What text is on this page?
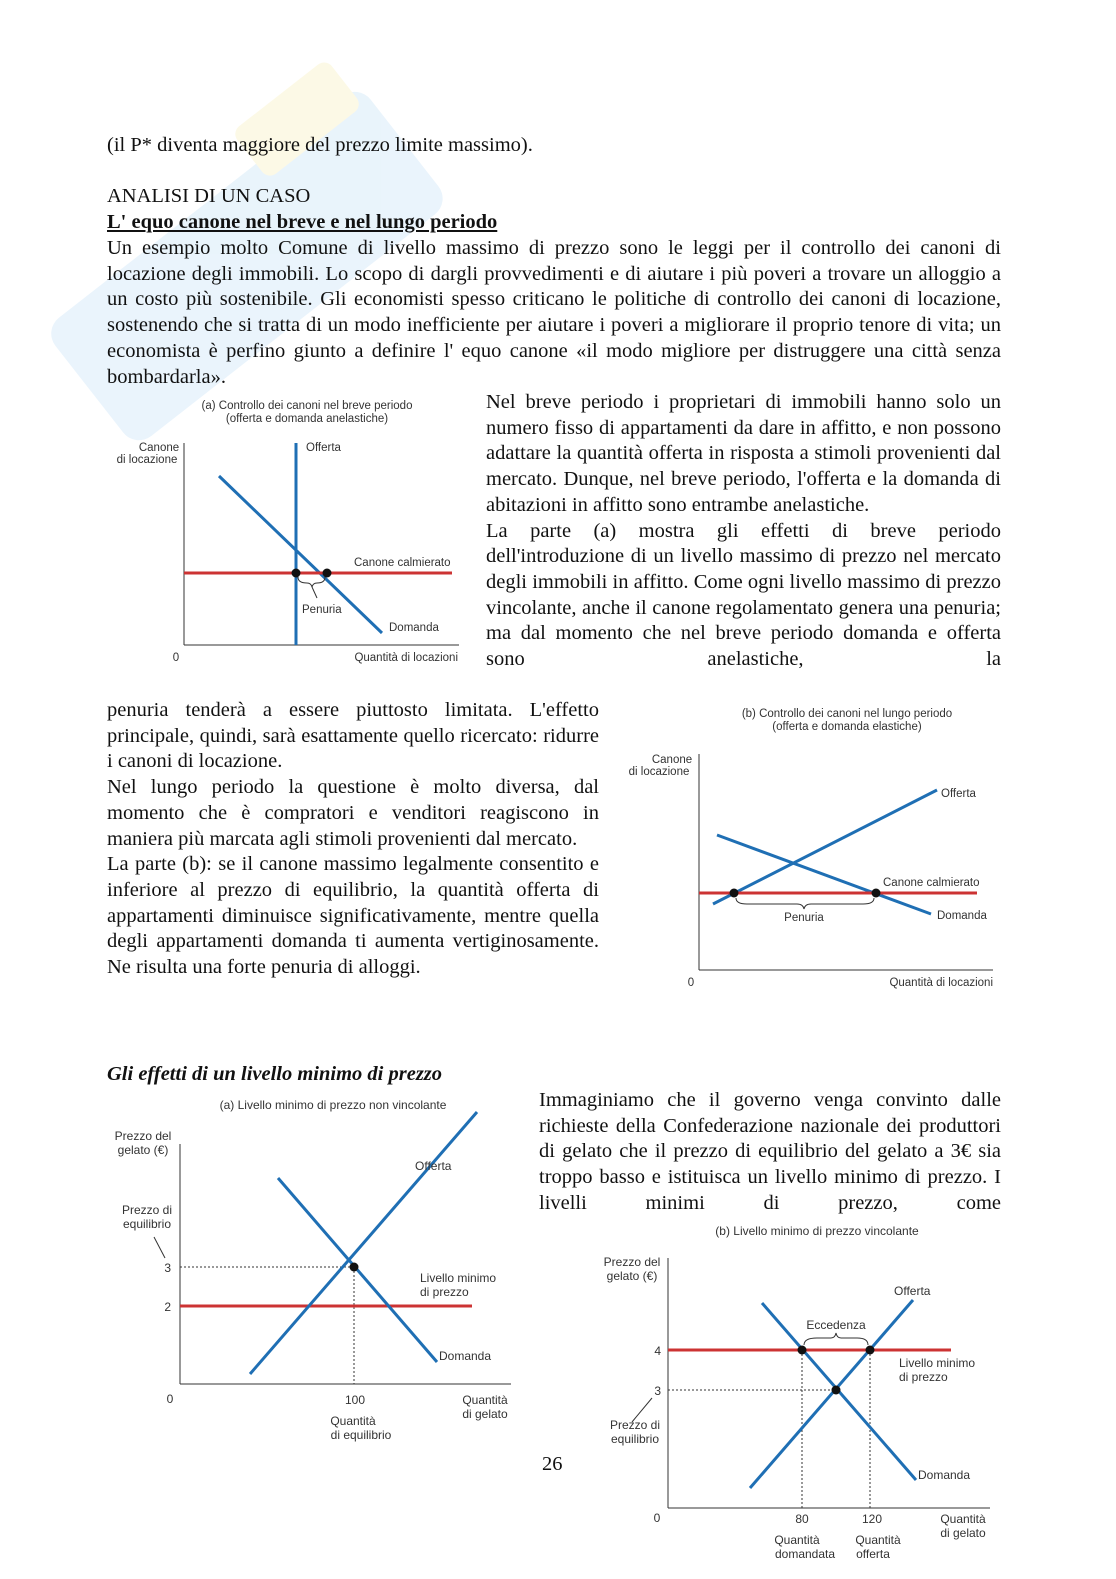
(il P* diventa maggiore del prezzo limite massimo).
ANALISI DI UN CASO
L' equo canone nel breve e nel lungo periodo

Un esempio molto Comune di livello massimo di prezzo sono le leggi per il controllo dei canoni di locazione degli immobili. Lo scopo di dargli provvedimenti e di aiutare i più poveri a trovare un alloggio a un costo più sostenibile. Gli economisti spesso criticano le politiche di controllo dei canoni di locazione, sostenendo che si tratta di un modo inefficiente per aiutare i poveri a migliorare il proprio tenore di vita; un economista è perfino giunto a definire l' equo canone «il modo migliore per distruggere una città senza bombardarla».

(a) Controllo dei canoni nel breve periodo
(offerta e domanda anelastiche)
Canone
di locazione
0	Quantità di locazioni
Offerta
Domanda
Canone calmierato
Penuria

Nel breve periodo i proprietari di immobili hanno solo un numero fisso di appartamenti da dare in affitto, e non possono adattare la quantità offerta in risposta a stimoli provenienti dal mercato. Dunque, nel breve periodo, l'offerta e la domanda di abitazioni in affitto sono entrambe anelastiche.

La parte (a) mostra gli effetti di breve periodo dell'introduzione di un livello massimo di prezzo nel mercato degli immobili in affitto. Come ogni livello massimo di prezzo vincolante, anche il canone regolamentato genera una penuria; ma dal momento che nel breve periodo domanda e offerta sono anelastiche, la

penuria tenderà a essere piuttosto limitata. L'effetto principale, quindi, sarà esattamente quello ricercato: ridurre i canoni di locazione.

Nel lungo periodo la questione è molto diversa, dal momento che è compratori e venditori reagiscono in maniera più marcata agli stimoli provenienti dal mercato.

La parte (b): se il canone massimo legalmente consentito e inferiore al prezzo di equilibrio, la quantità offerta di appartamenti diminuisce significativamente, mentre quella degli appartamenti domanda ti aumenta vertiginosamente. Ne risulta una forte penuria di alloggi.

(b) Controllo dei canoni nel lungo periodo
(offerta e domanda elastiche)
Canone
di locazione
0	Quantità di locazioni
Offerta
Domanda
Canone calmierato
Penuria
Gli effetti di un livello minimo di prezzo
(a) Livello minimo di prezzo non vincolante
Prezzo del
gelato (€)
Prezzo di
equilibrio
3
2
0	100
Quantità
di equilibrio
Quantità
di gelato
Livello minimo
di prezzo
Offerta
Domanda

Immaginiamo che il governo venga convinto dalle richieste della Confederazione nazionale dei produttori di gelato che il prezzo di equilibrio del gelato a 3€ sia troppo basso e istituisca un livello minimo di prezzo. I livelli minimi di prezzo, come

(b) Livello minimo di prezzo vincolante
Prezzo del
gelato (€)
4
3
Prezzo di
equilibrio
0	80	120
Quantità
domandata
Quantità
offerta
Quantità
di gelato
Livello minimo
di prezzo
Offerta
Domanda
Eccedenza
26
